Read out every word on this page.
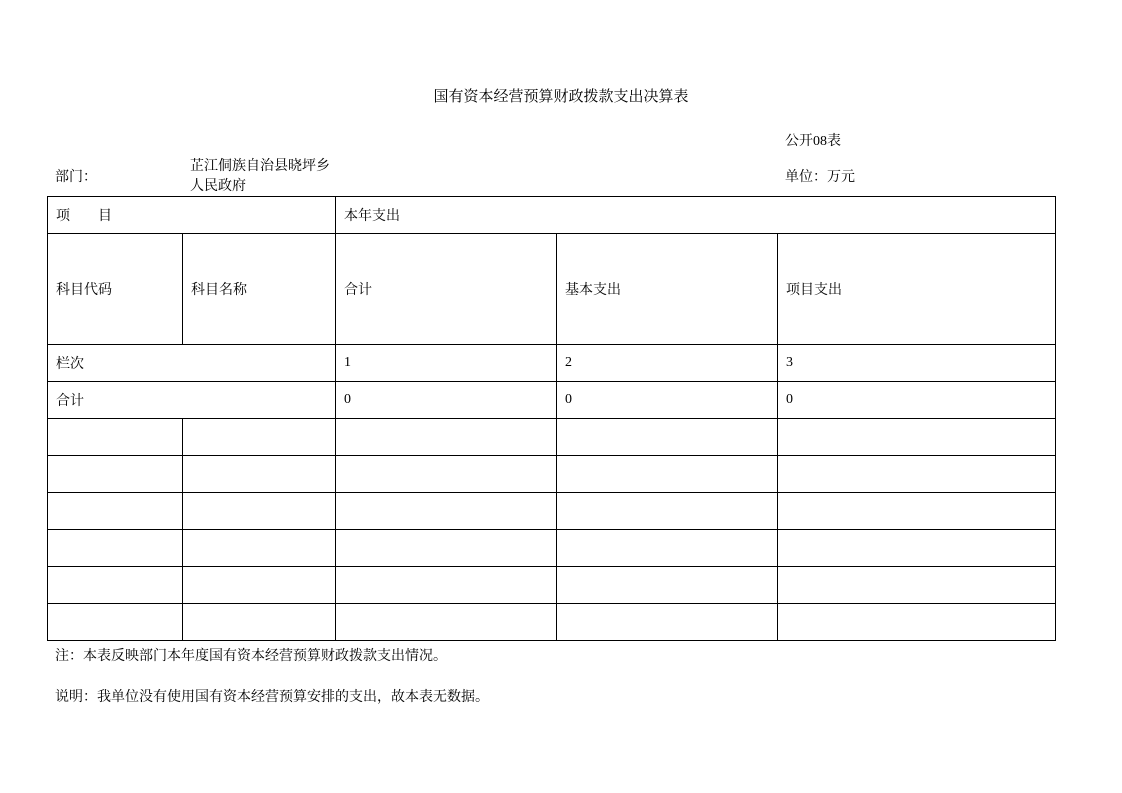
国有资本经营预算财政拨款支出决算表
公开08表
部门：
芷江侗族自治县晓坪乡人民政府
单位：万元
项　　目		本年支出		
科目代码	科目名称	合计	基本支出	项目支出
栏次		1	2	3
合计		0	0	0

注：本表反映部门本年度国有资本经营预算财政拨款支出情况。
说明：我单位没有使用国有资本经营预算安排的支出，故本表无数据。
